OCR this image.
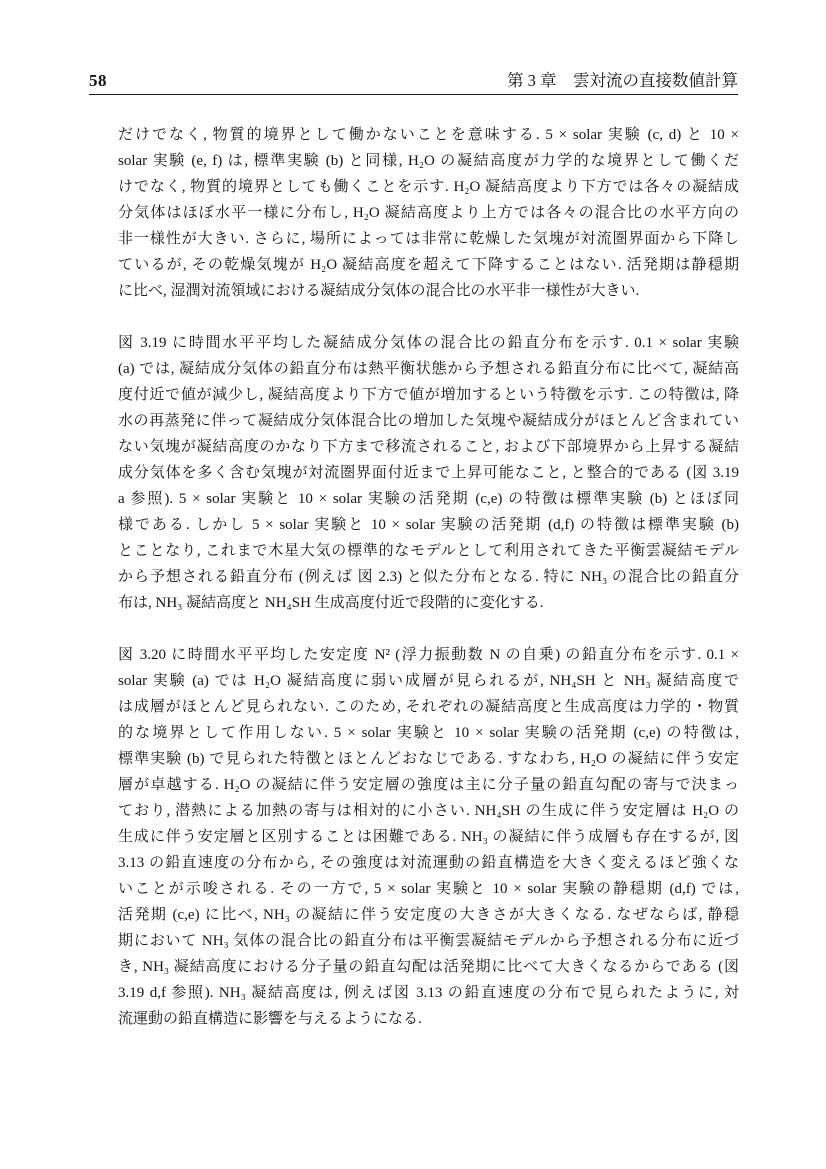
58	第 3 章　雲対流の直接数値計算
だけでなく, 物質的境界として働かないことを意味する. 5 × solar 実験 (c, d) と 10 ×
solar 実験 (e, f) は, 標準実験 (b) と同様, H₂O の凝結高度が力学的な境界として働くだ
けでなく, 物質的境界としても働くことを示す. H₂O 凝結高度より下方では各々の凝結成
分気体はほぼ水平一様に分布し, H₂O 凝結高度より上方では各々の混合比の水平方向の
非一様性が大きい. さらに, 場所によっては非常に乾燥した気塊が対流圏界面から下降し
ているが, その乾燥気塊が H₂O 凝結高度を超えて下降することはない. 活発期は静穏期
に比べ, 湿潤対流領域における凝結成分気体の混合比の水平非一様性が大きい.
図 3.19 に時間水平平均した凝結成分気体の混合比の鉛直分布を示す. 0.1 × solar 実験
(a) では, 凝結成分気体の鉛直分布は熱平衡状態から予想される鉛直分布に比べて, 凝結高
度付近で値が減少し, 凝結高度より下方で値が増加するという特徴を示す. この特徴は, 降
水の再蒸発に伴って凝結成分気体混合比の増加した気塊や凝結成分がほとんど含まれてい
ない気塊が凝結高度のかなり下方まで移流されること, および下部境界から上昇する凝結
成分気体を多く含む気塊が対流圏界面付近まで上昇可能なこと, と整合的である (図 3.19
a 参照). 5 × solar 実験と 10 × solar 実験の活発期 (c,e) の特徴は標準実験 (b) とほぼ同
様である. しかし 5 × solar 実験と 10 × solar 実験の活発期 (d,f) の特徴は標準実験 (b)
とことなり, これまで木星大気の標準的なモデルとして利用されてきた平衡雲凝結モデル
から予想される鉛直分布 (例えば 図 2.3) と似た分布となる. 特に NH₃ の混合比の鉛直分
布は, NH₃ 凝結高度と NH₄SH 生成高度付近で段階的に変化する.
図 3.20 に時間水平平均した安定度 N² (浮力振動数 N の自乗) の鉛直分布を示す. 0.1 ×
solar 実験 (a) では H₂O 凝結高度に弱い成層が見られるが, NH₄SH と NH₃ 凝結高度で
は成層がほとんど見られない. このため, それぞれの凝結高度と生成高度は力学的・物質
的な境界として作用しない. 5 × solar 実験と 10 × solar 実験の活発期 (c,e) の特徴は,
標準実験 (b) で見られた特徴とほとんどおなじである. すなわち, H₂O の凝結に伴う安定
層が卓越する. H₂O の凝結に伴う安定層の強度は主に分子量の鉛直勾配の寄与で決まっ
ており, 潜熱による加熱の寄与は相対的に小さい. NH₄SH の生成に伴う安定層は H₂O の
生成に伴う安定層と区別することは困難である. NH₃ の凝結に伴う成層も存在するが, 図
3.13 の鉛直速度の分布から, その強度は対流運動の鉛直構造を大きく変えるほど強くな
いことが示唆される. その一方で, 5 × solar 実験と 10 × solar 実験の静穏期 (d,f) では,
活発期 (c,e) に比べ, NH₃ の凝結に伴う安定度の大きさが大きくなる. なぜならば, 静穏
期において NH₃ 気体の混合比の鉛直分布は平衡雲凝結モデルから予想される分布に近づ
き, NH₃ 凝結高度における分子量の鉛直勾配は活発期に比べて大きくなるからである (図
3.19 d,f 参照). NH₃ 凝結高度は, 例えば図 3.13 の鉛直速度の分布で見られたように, 対
流運動の鉛直構造に影響を与えるようになる.
